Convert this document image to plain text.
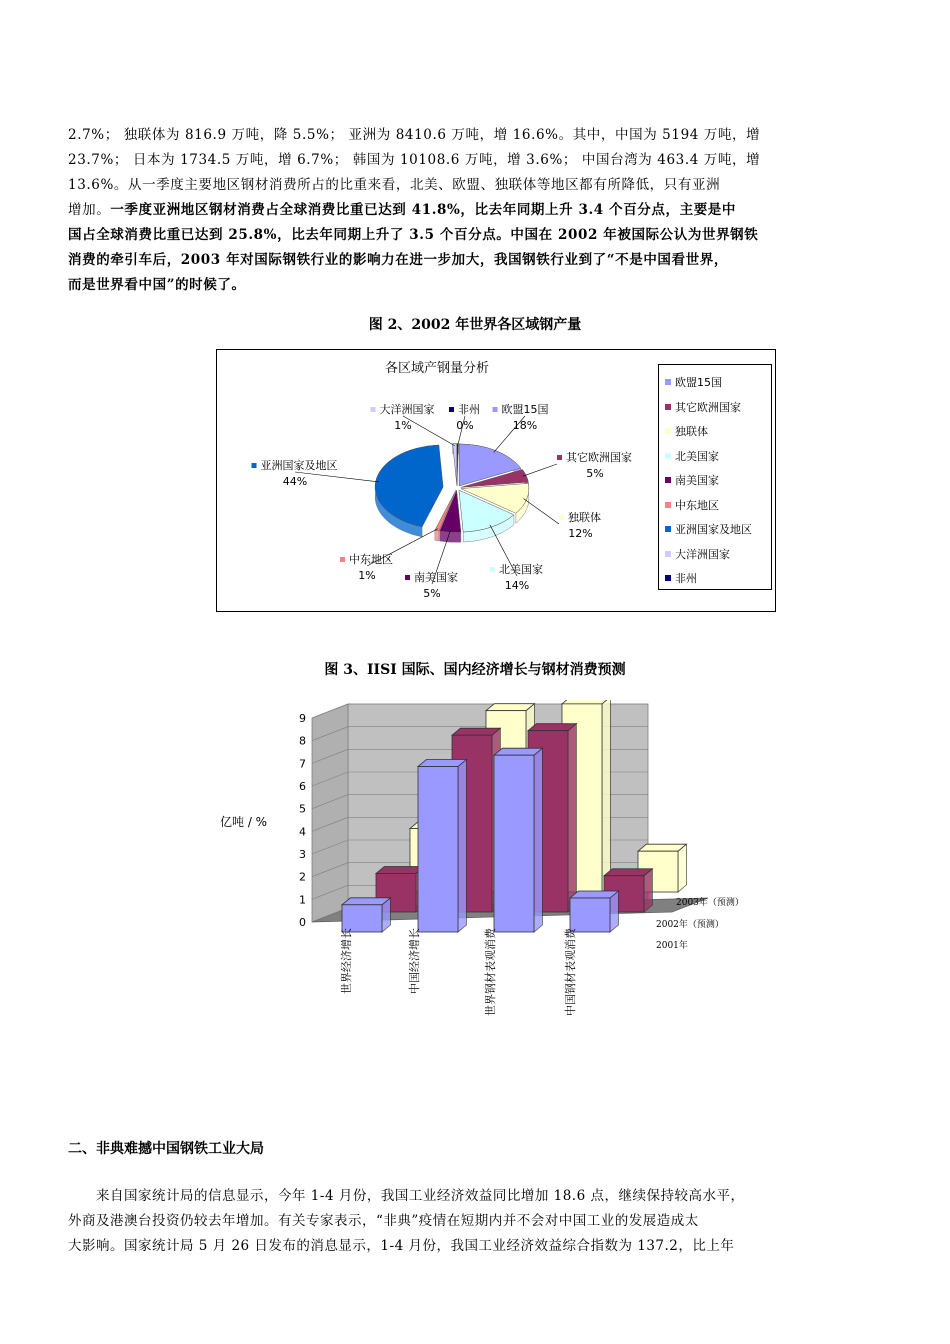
2.7%； 独联体为 816.9 万吨，降 5.5%； 亚洲为 8410.6 万吨，增 16.6%。其中，中国为 5194 万吨，增
23.7%； 日本为 1734.5 万吨，增 6.7%； 韩国为 10108.6 万吨，增 3.6%； 中国台湾为 463.4 万吨，增
13.6%。从一季度主要地区钢材消费所占的比重来看，北美、欧盟、独联体等地区都有所降低，只有亚洲
增加。一季度亚洲地区钢材消费占全球消费比重已达到 41.8%，比去年同期上升 3.4 个百分点，主要是中
国占全球消费比重已达到 25.8%，比去年同期上升了 3.5 个百分点。中国在 2002 年被国际公认为世界钢铁
消费的牵引车后，2003 年对国际钢铁行业的影响力在进一步加大，我国钢铁行业到了“不是中国看世界，
而是世界看中国”的时候了。
图 2、2002 年世界各区域钢产量
各区域产钢量分析
欧盟15国
18%
其它欧洲国家
5%
独联体
12%
北美国家
14%
南美国家
5%
中东地区
1%
亚洲国家及地区
44%
大洋洲国家
1%
非州
0%
欧盟15国
其它欧洲国家
独联体
北美国家
南美国家
中东地区
亚洲国家及地区
大洋洲国家
非州
图 3、IISI 国际、国内经济增长与钢材消费预测
0
1
2
3
4
5
6
7
8
9
亿吨 / %
2001年
2002年（预测）
2003年（预测）
世界经济增长	中国经济增长	世界钢材表观消费	中国钢材表观消费
二、非典难撼中国钢铁工业大局
来自国家统计局的信息显示，今年 1-4 月份，我国工业经济效益同比增加 18.6 点，继续保持较高水平，
外商及港澳台投资仍较去年增加。有关专家表示，“非典”疫情在短期内并不会对中国工业的发展造成太
大影响。国家统计局 5 月 26 日发布的消息显示，1-4 月份，我国工业经济效益综合指数为 137.2，比上年
